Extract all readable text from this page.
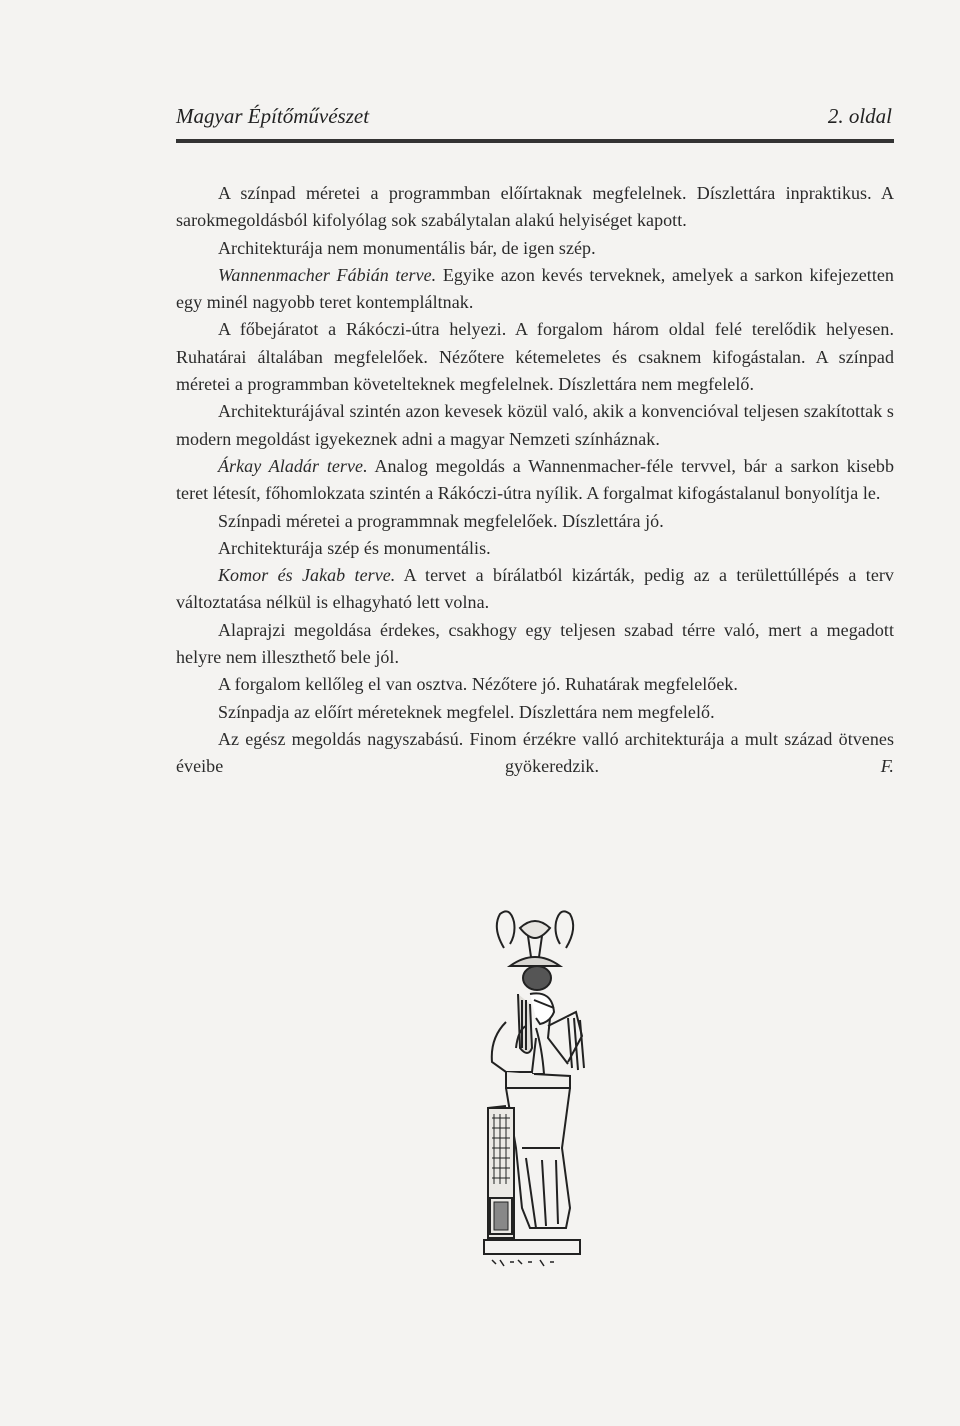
Magyar Építőművészet	2. oldal

A színpad méretei a programmban előírtaknak megfelelnek. Díszlettára inpraktikus. A sarokmegoldásból kifolyólag sok szabálytalan alakú helyiséget kapott.

Architekturája nem monumentális bár, de igen szép.

Wannenmacher Fábián terve. Egyike azon kevés terveknek, amelyek a sarkon kifejezetten egy minél nagyobb teret kontempláltnak.

A főbejáratot a Rákóczi-útra helyezi. A forgalom három oldal felé terelődik helyesen. Ruhatárai általában megfelelőek. Nézőtere kétemeletes és csaknem kifogástalan. A színpad méretei a programmban követelteknek megfelelnek. Díszlettára nem megfelelő.

Architekturájával szintén azon kevesek közül való, akik a konvencióval teljesen szakítottak s modern megoldást igyekeznek adni a magyar Nemzeti színháznak.

Árkay Aladár terve. Analog megoldás a Wannenmacher-féle tervvel, bár a sarkon kisebb teret létesít, főhomlokzata szintén a Rákóczi-útra nyílik. A forgalmat kifogástalanul bonyolítja le.

Színpadi méretei a programmnak megfelelőek. Díszlettára jó.

Architekturája szép és monumentális.

Komor és Jakab terve. A tervet a bírálatból kizárták, pedig az a területtúllépés a terv változtatása nélkül is elhagyható lett volna.

Alaprajzi megoldása érdekes, csakhogy egy teljesen szabad térre való, mert a megadott helyre nem illeszthető bele jól.

A forgalom kellőleg el van osztva. Nézőtere jó. Ruhatárak megfelelőek.

Színpadja az előírt méreteknek megfelel. Díszlettára nem megfelelő.

Az egész megoldás nagyszabású. Finom érzékre valló architekturája a mult század ötvenes éveibe gyökeredzik.	F.
